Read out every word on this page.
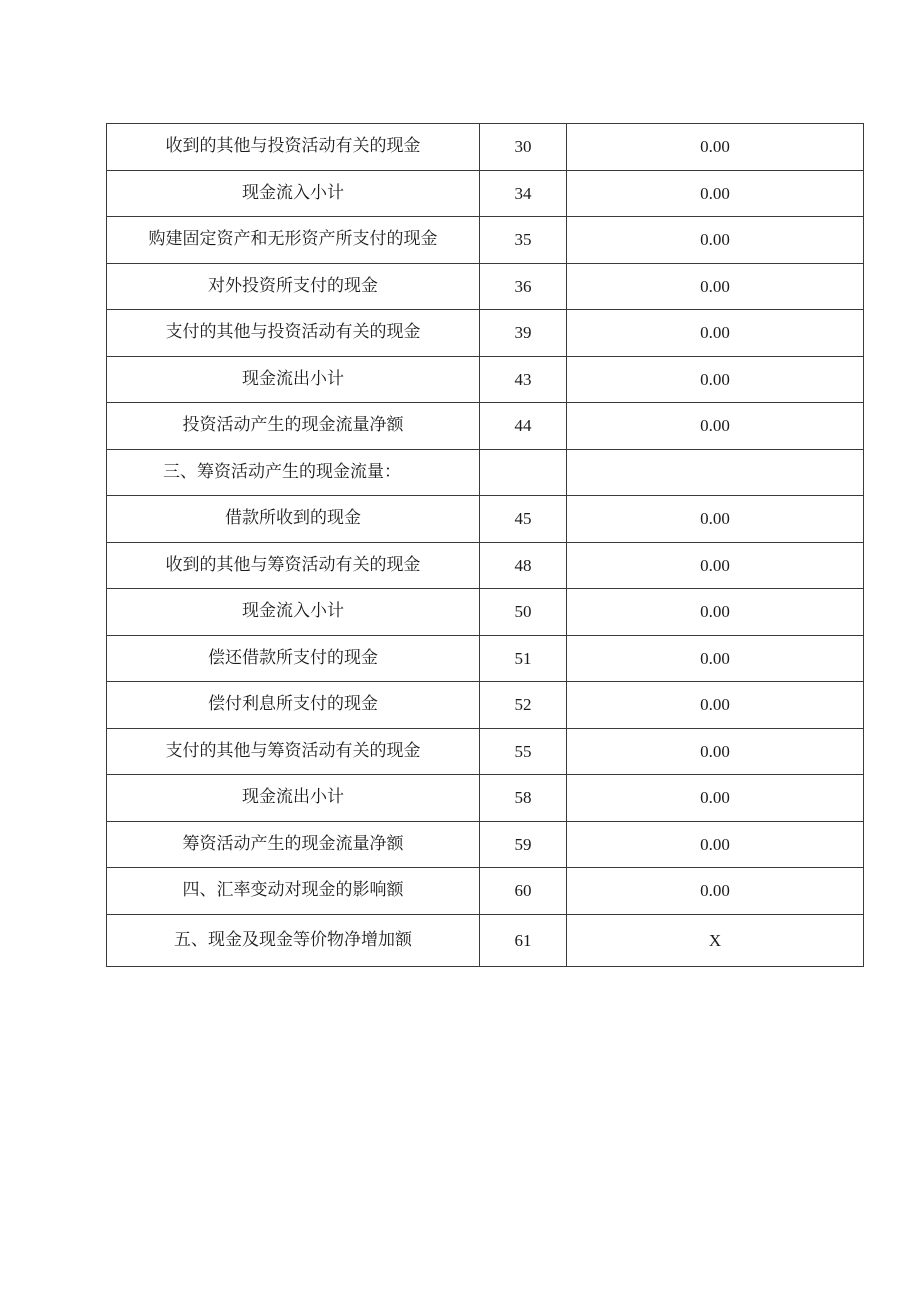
收到的其他与投资活动有关的现金	30	0.00
现金流入小计	34	0.00
购建固定资产和无形资产所支付的现金	35	0.00
对外投资所支付的现金	36	0.00
支付的其他与投资活动有关的现金	39	0.00
现金流出小计	43	0.00
投资活动产生的现金流量净额	44	0.00
三、筹资活动产生的现金流量：		
借款所收到的现金	45	0.00
收到的其他与筹资活动有关的现金	48	0.00
现金流入小计	50	0.00
偿还借款所支付的现金	51	0.00
偿付利息所支付的现金	52	0.00
支付的其他与筹资活动有关的现金	55	0.00
现金流出小计	58	0.00
筹资活动产生的现金流量净额	59	0.00
四、汇率变动对现金的影响额	60	0.00
五、现金及现金等价物净增加额	61	X
